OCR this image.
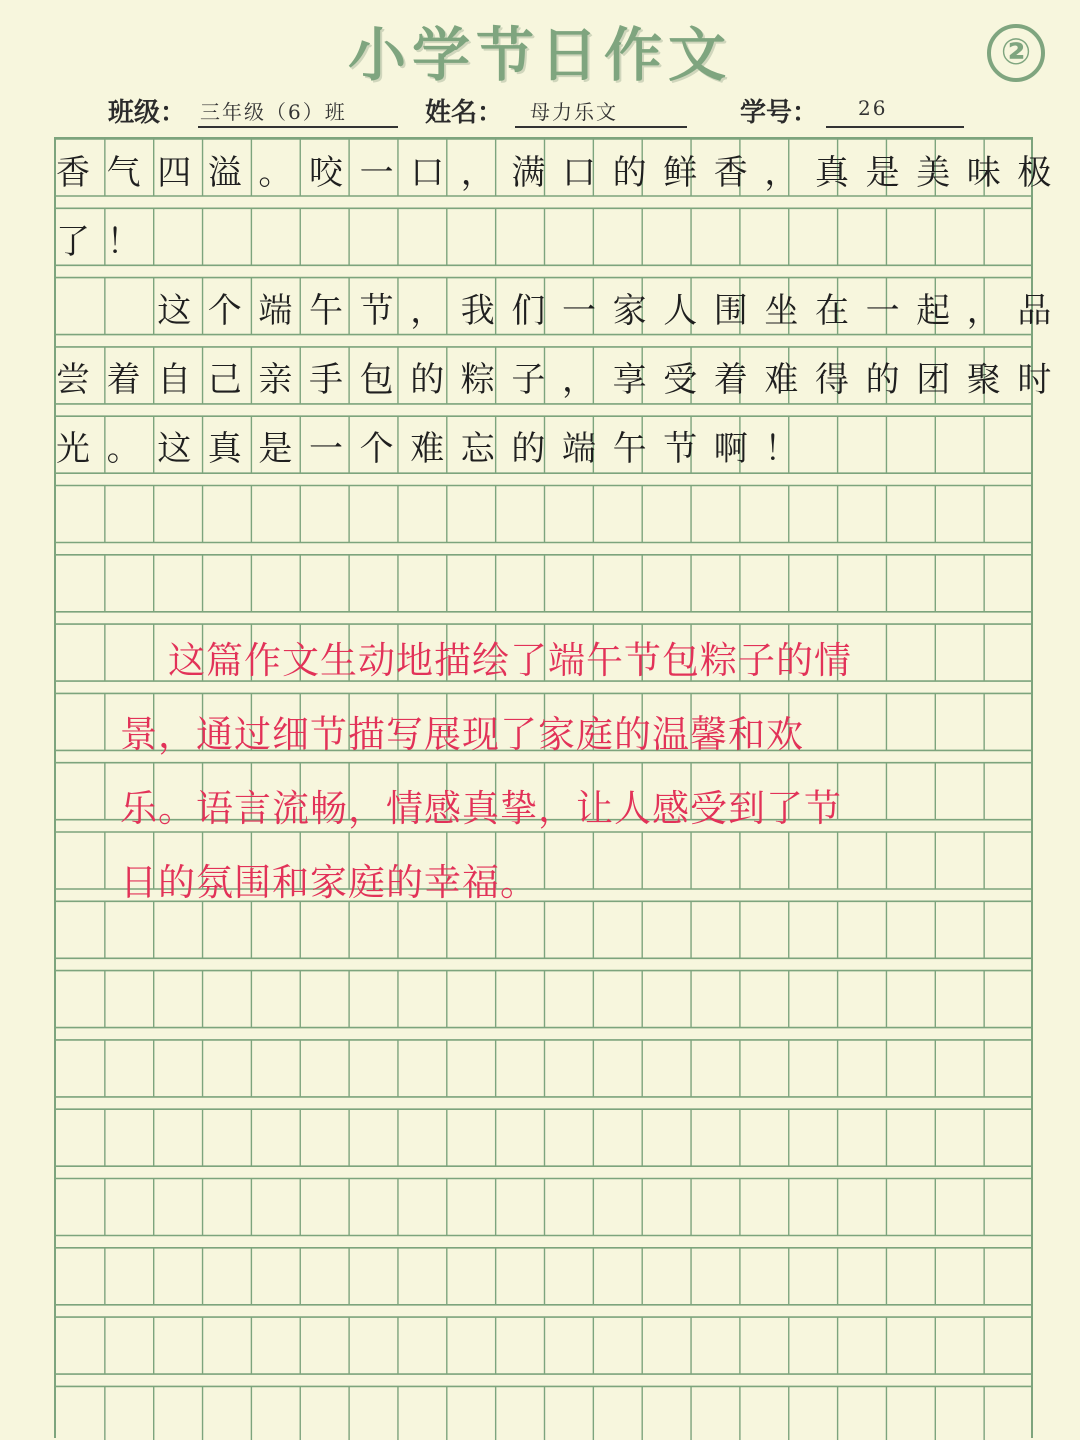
小学节日作文	②
班级： 三年级（6）班	姓名： 母力乐文	学号： 26
香气四溢。咬一口，满口的鲜香，真是美味极
了！
　　这个端午节，我们一家人围坐在一起，品
尝着自己亲手包的粽子，享受着难得的团聚时
光。这真是一个难忘的端午节啊！
　这篇作文生动地描绘了端午节包粽子的情
景，通过细节描写展现了家庭的温馨和欢
乐。语言流畅，情感真挚，让人感受到了节
日的氛围和家庭的幸福。
